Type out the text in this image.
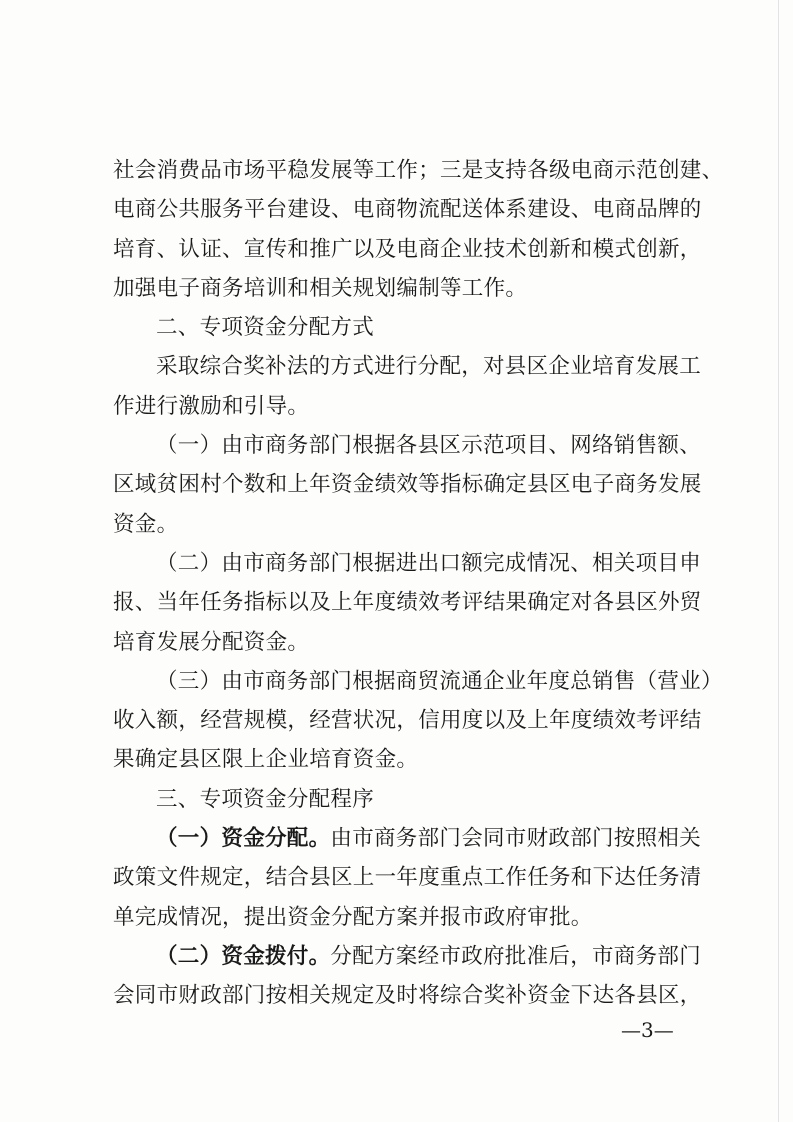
社会消费品市场平稳发展等工作；三是支持各级电商示范创建、
电商公共服务平台建设、电商物流配送体系建设、电商品牌的
培育、认证、宣传和推广以及电商企业技术创新和模式创新，
加强电子商务培训和相关规划编制等工作。
二、专项资金分配方式
采取综合奖补法的方式进行分配，对县区企业培育发展工
作进行激励和引导。
（一）由市商务部门根据各县区示范项目、网络销售额、
区域贫困村个数和上年资金绩效等指标确定县区电子商务发展
资金。
（二）由市商务部门根据进出口额完成情况、相关项目申
报、当年任务指标以及上年度绩效考评结果确定对各县区外贸
培育发展分配资金。
（三）由市商务部门根据商贸流通企业年度总销售（营业）
收入额，经营规模，经营状况，信用度以及上年度绩效考评结
果确定县区限上企业培育资金。
三、专项资金分配程序
（一）资金分配。由市商务部门会同市财政部门按照相关
政策文件规定，结合县区上一年度重点工作任务和下达任务清
单完成情况，提出资金分配方案并报市政府审批。
（二）资金拨付。分配方案经市政府批准后，市商务部门
会同市财政部门按相关规定及时将综合奖补资金下达各县区，
—3—
